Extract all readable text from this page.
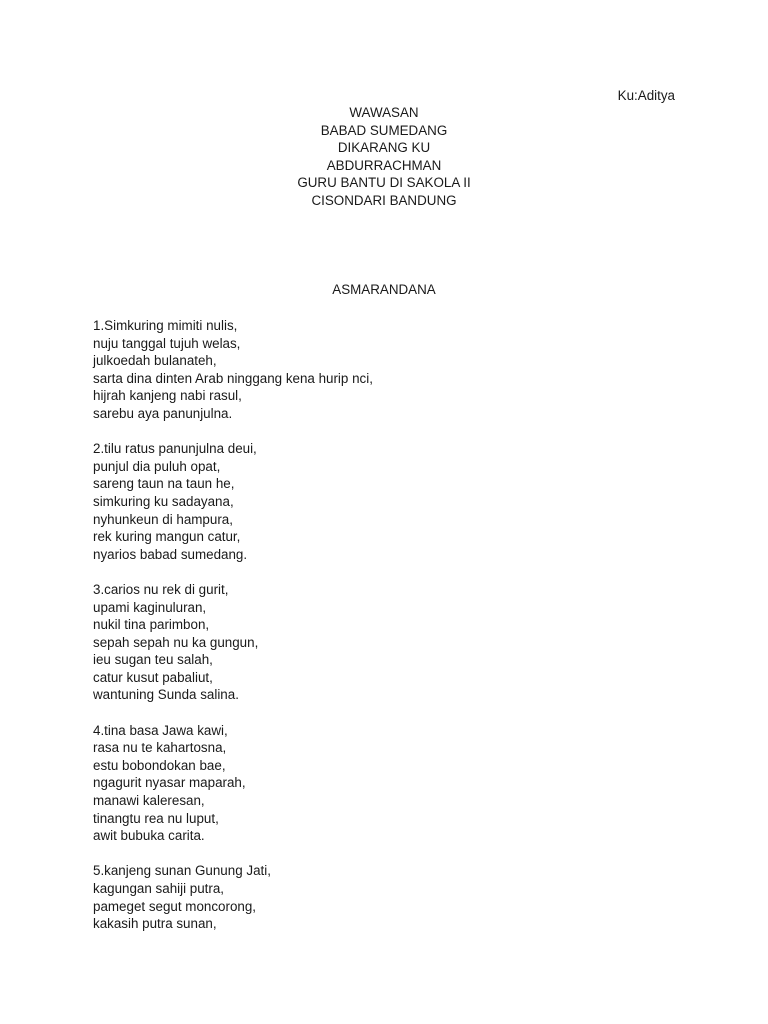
Ku:Aditya
WAWASAN
BABAD SUMEDANG
DIKARANG KU
ABDURRACHMAN
GURU BANTU DI SAKOLA II
CISONDARI BANDUNG
ASMARANDANA

1.Simkuring mimiti nulis,
nuju tanggal tujuh welas,
julkoedah bulanateh,
sarta dina dinten Arab ninggang kena hurip nci,
hijrah kanjeng nabi rasul,
sarebu aya panunjulna.

2.tilu ratus panunjulna deui,
punjul dia puluh opat,
sareng taun na taun he,
simkuring ku sadayana,
nyhunkeun di hampura,
rek kuring mangun catur,
nyarios babad sumedang.

3.carios nu rek di gurit,
upami kaginuluran,
nukil tina parimbon,
sepah sepah nu ka gungun,
ieu sugan teu salah,
catur kusut pabaliut,
wantuning Sunda salina.

4.tina basa Jawa kawi,
rasa nu te kahartosna,
estu bobondokan bae,
ngagurit nyasar maparah,
manawi kaleresan,
tinangtu rea nu luput,
awit bubuka carita.

5.kanjeng sunan Gunung Jati,
kagungan sahiji putra,
pameget segut moncorong,
kakasih putra sunan,
